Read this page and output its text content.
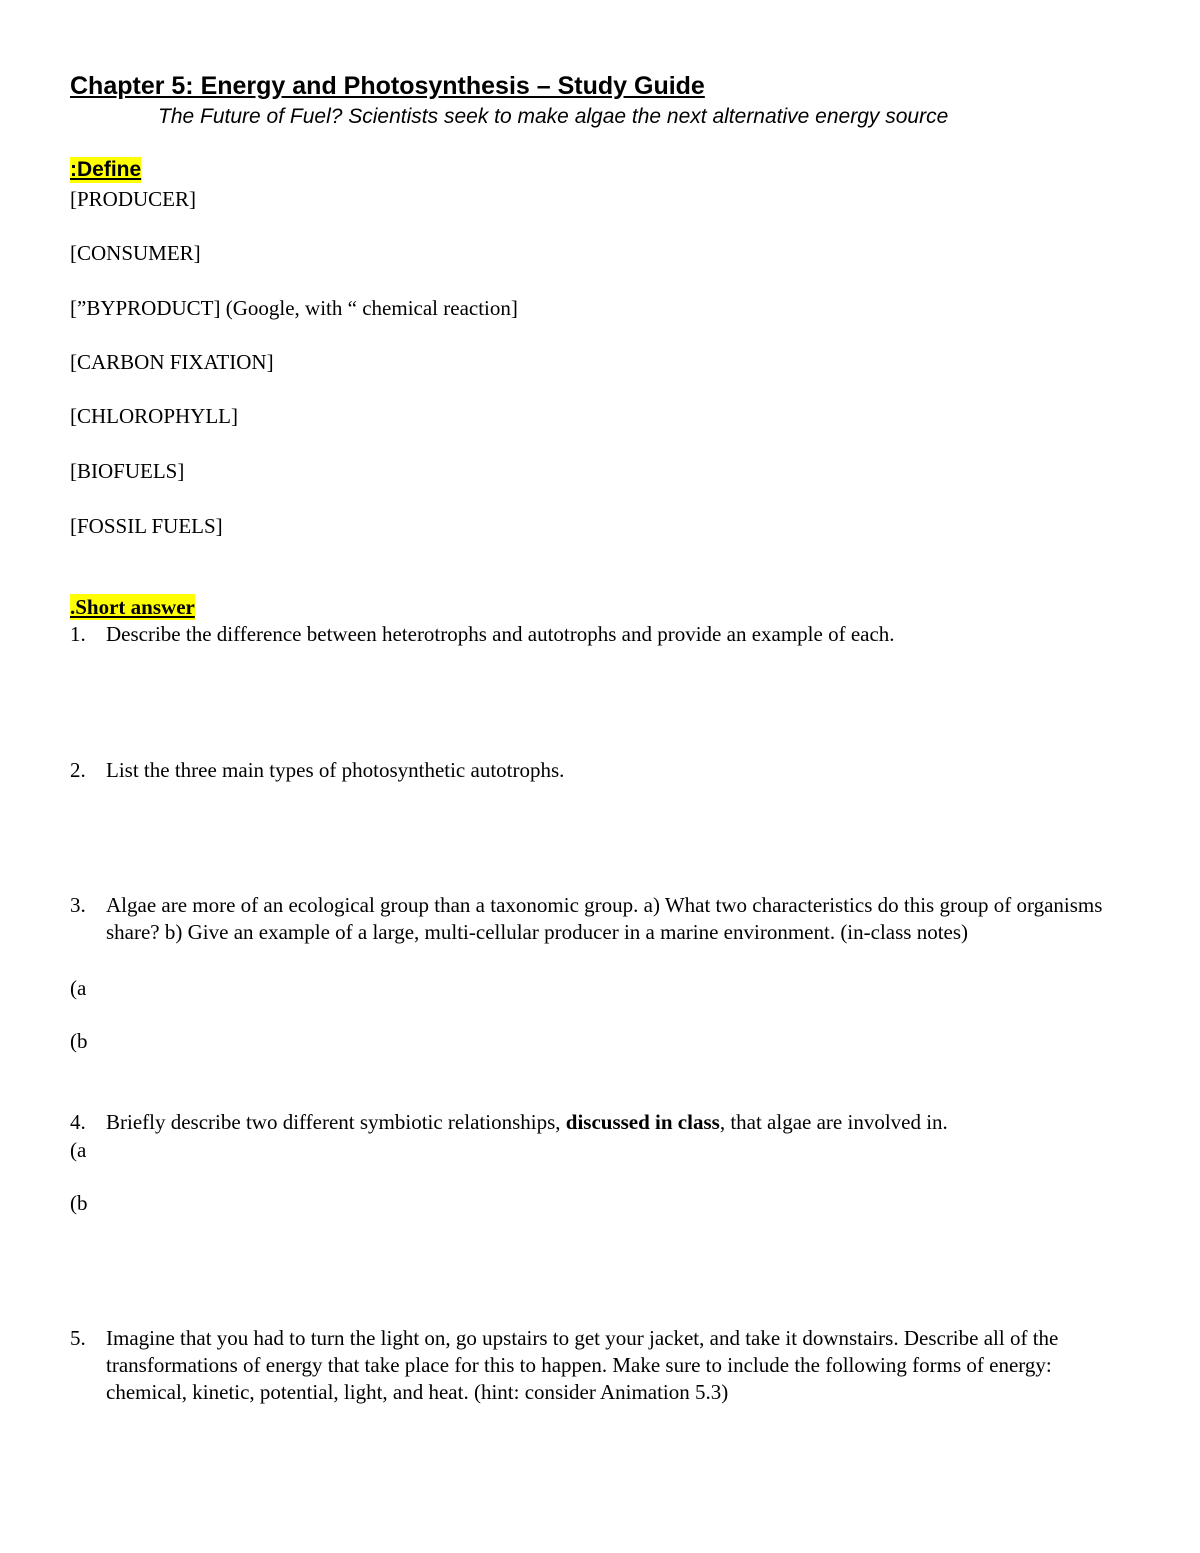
Chapter 5: Energy and Photosynthesis – Study Guide
The Future of Fuel? Scientists seek to make algae the next alternative energy source
:Define
[PRODUCER]
[CONSUMER]
[”BYPRODUCT] (Google, with “ chemical reaction]
[CARBON FIXATION]
[CHLOROPHYLL]
[BIOFUELS]
[FOSSIL FUELS]
.Short answer
1. Describe the difference between heterotrophs and autotrophs and provide an example of each.
2. List the three main types of photosynthetic autotrophs.
3. Algae are more of an ecological group than a taxonomic group. a) What two characteristics do this group of organisms share? b) Give an example of a large, multi-cellular producer in a marine environment. (in-class notes)
(a
(b
4. Briefly describe two different symbiotic relationships, discussed in class, that algae are involved in.
(a
(b
5. Imagine that you had to turn the light on, go upstairs to get your jacket, and take it downstairs. Describe all of the transformations of energy that take place for this to happen. Make sure to include the following forms of energy: chemical, kinetic, potential, light, and heat. (hint: consider Animation 5.3)
